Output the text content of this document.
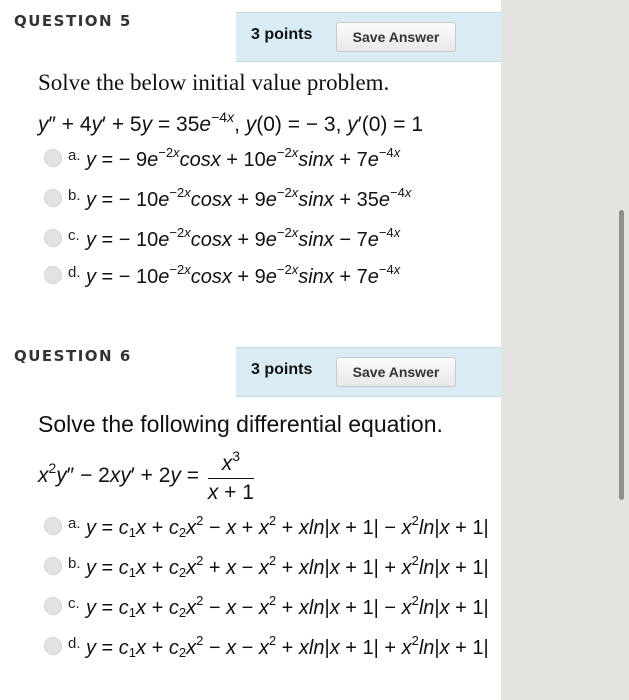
QUESTION 5
3 points	Save Answer
Solve the below initial value problem.
$y'' + 4y' + 5y = 35e^{-4x}$, y(0) = − 3, y′(0) = 1
a. y = − $9e^{-2x}\cos x + 10e^{-2x}\sin x + 7e^{-4x}$
b. y = − $10e^{-2x}\cos x + 9e^{-2x}\sin x + 35e^{-4x}$
c. y = − $10e^{-2x}\cos x + 9e^{-2x}\sin x - 7e^{-4x}$
d. y = − $10e^{-2x}\cos x + 9e^{-2x}\sin x + 7e^{-4x}$
QUESTION 6
3 points	Save Answer
Solve the following differential equation.
$x^2y'' - 2xy' + 2y = \frac{x^3}{x + 1}$
a. $y = c_1x + c_2x^2 - x + x^2 + xln|x + 1| - x^2\ln|x + 1|$
b. $y = c_1x + c_2x^2 + x - x^2 + xln|x + 1| + x^2\ln|x + 1|$
c. $y = c_1x + c_2x^2 - x - x^2 + xln|x + 1| - x^2\ln|x + 1|$
d. $y = c_1x + c_2x^2 - x - x^2 + xln|x + 1| + x^2\ln|x + 1|$
